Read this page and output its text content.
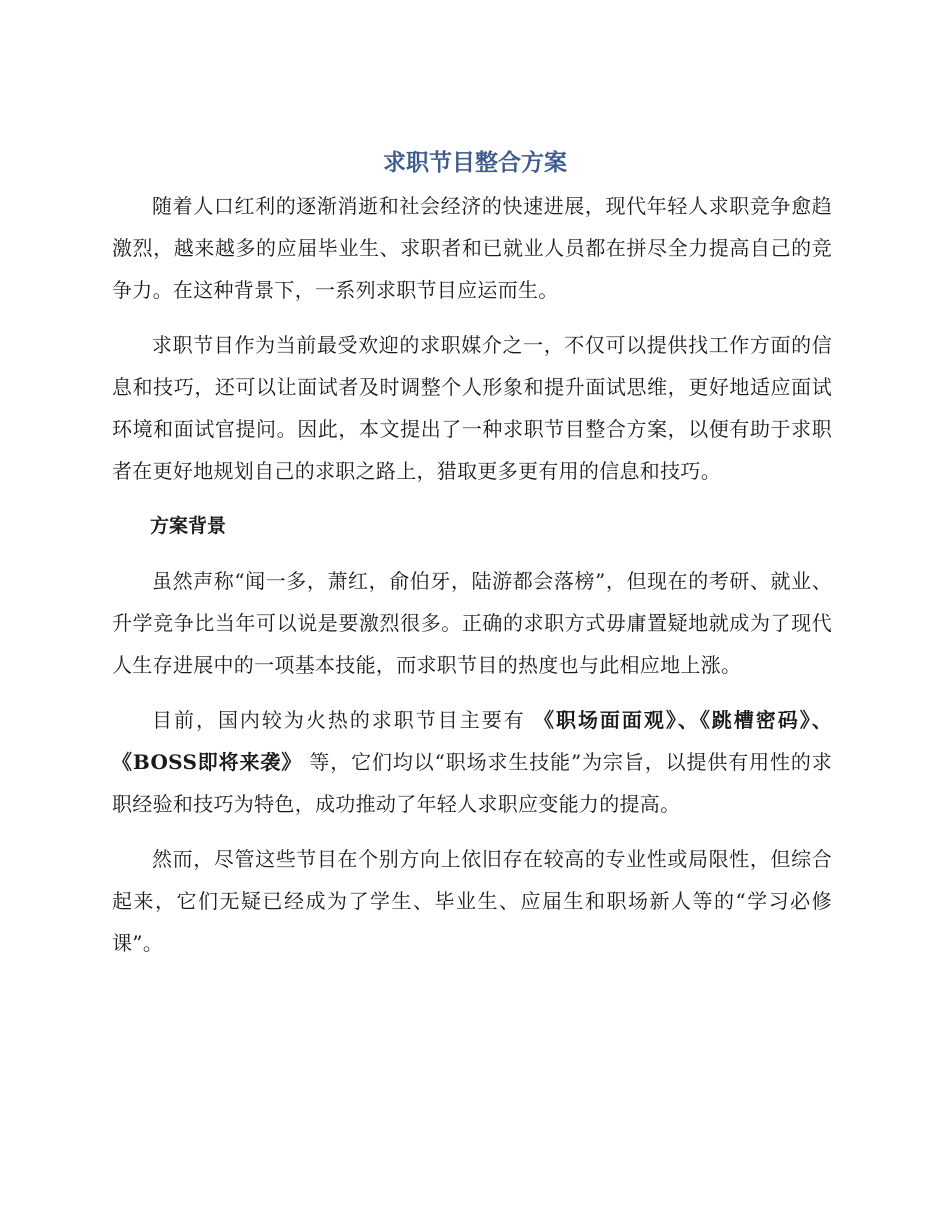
求职节目整合方案

随着人口红利的逐渐消逝和社会经济的快速进展，现代年轻人求职竞争愈趋激烈，越来越多的应届毕业生、求职者和已就业人员都在拼尽全力提高自己的竞争力。在这种背景下，一系列求职节目应运而生。

求职节目作为当前最受欢迎的求职媒介之一，不仅可以提供找工作方面的信息和技巧，还可以让面试者及时调整个人形象和提升面试思维，更好地适应面试环境和面试官提问。因此，本文提出了一种求职节目整合方案，以便有助于求职者在更好地规划自己的求职之路上，猎取更多更有用的信息和技巧。

方案背景

虽然声称“闻一多，萧红，俞伯牙，陆游都会落榜”，但现在的考研、就业、升学竞争比当年可以说是要激烈很多。正确的求职方式毋庸置疑地就成为了现代人生存进展中的一项基本技能，而求职节目的热度也与此相应地上涨。

目前，国内较为火热的求职节目主要有 《职场面面观》、《跳槽密码》、《BOSS即将来袭》 等，它们均以“职场求生技能”为宗旨，以提供有用性的求职经验和技巧为特色，成功推动了年轻人求职应变能力的提高。

然而，尽管这些节目在个别方向上依旧存在较高的专业性或局限性，但综合起来，它们无疑已经成为了学生、毕业生、应届生和职场新人等的“学习必修课”。
